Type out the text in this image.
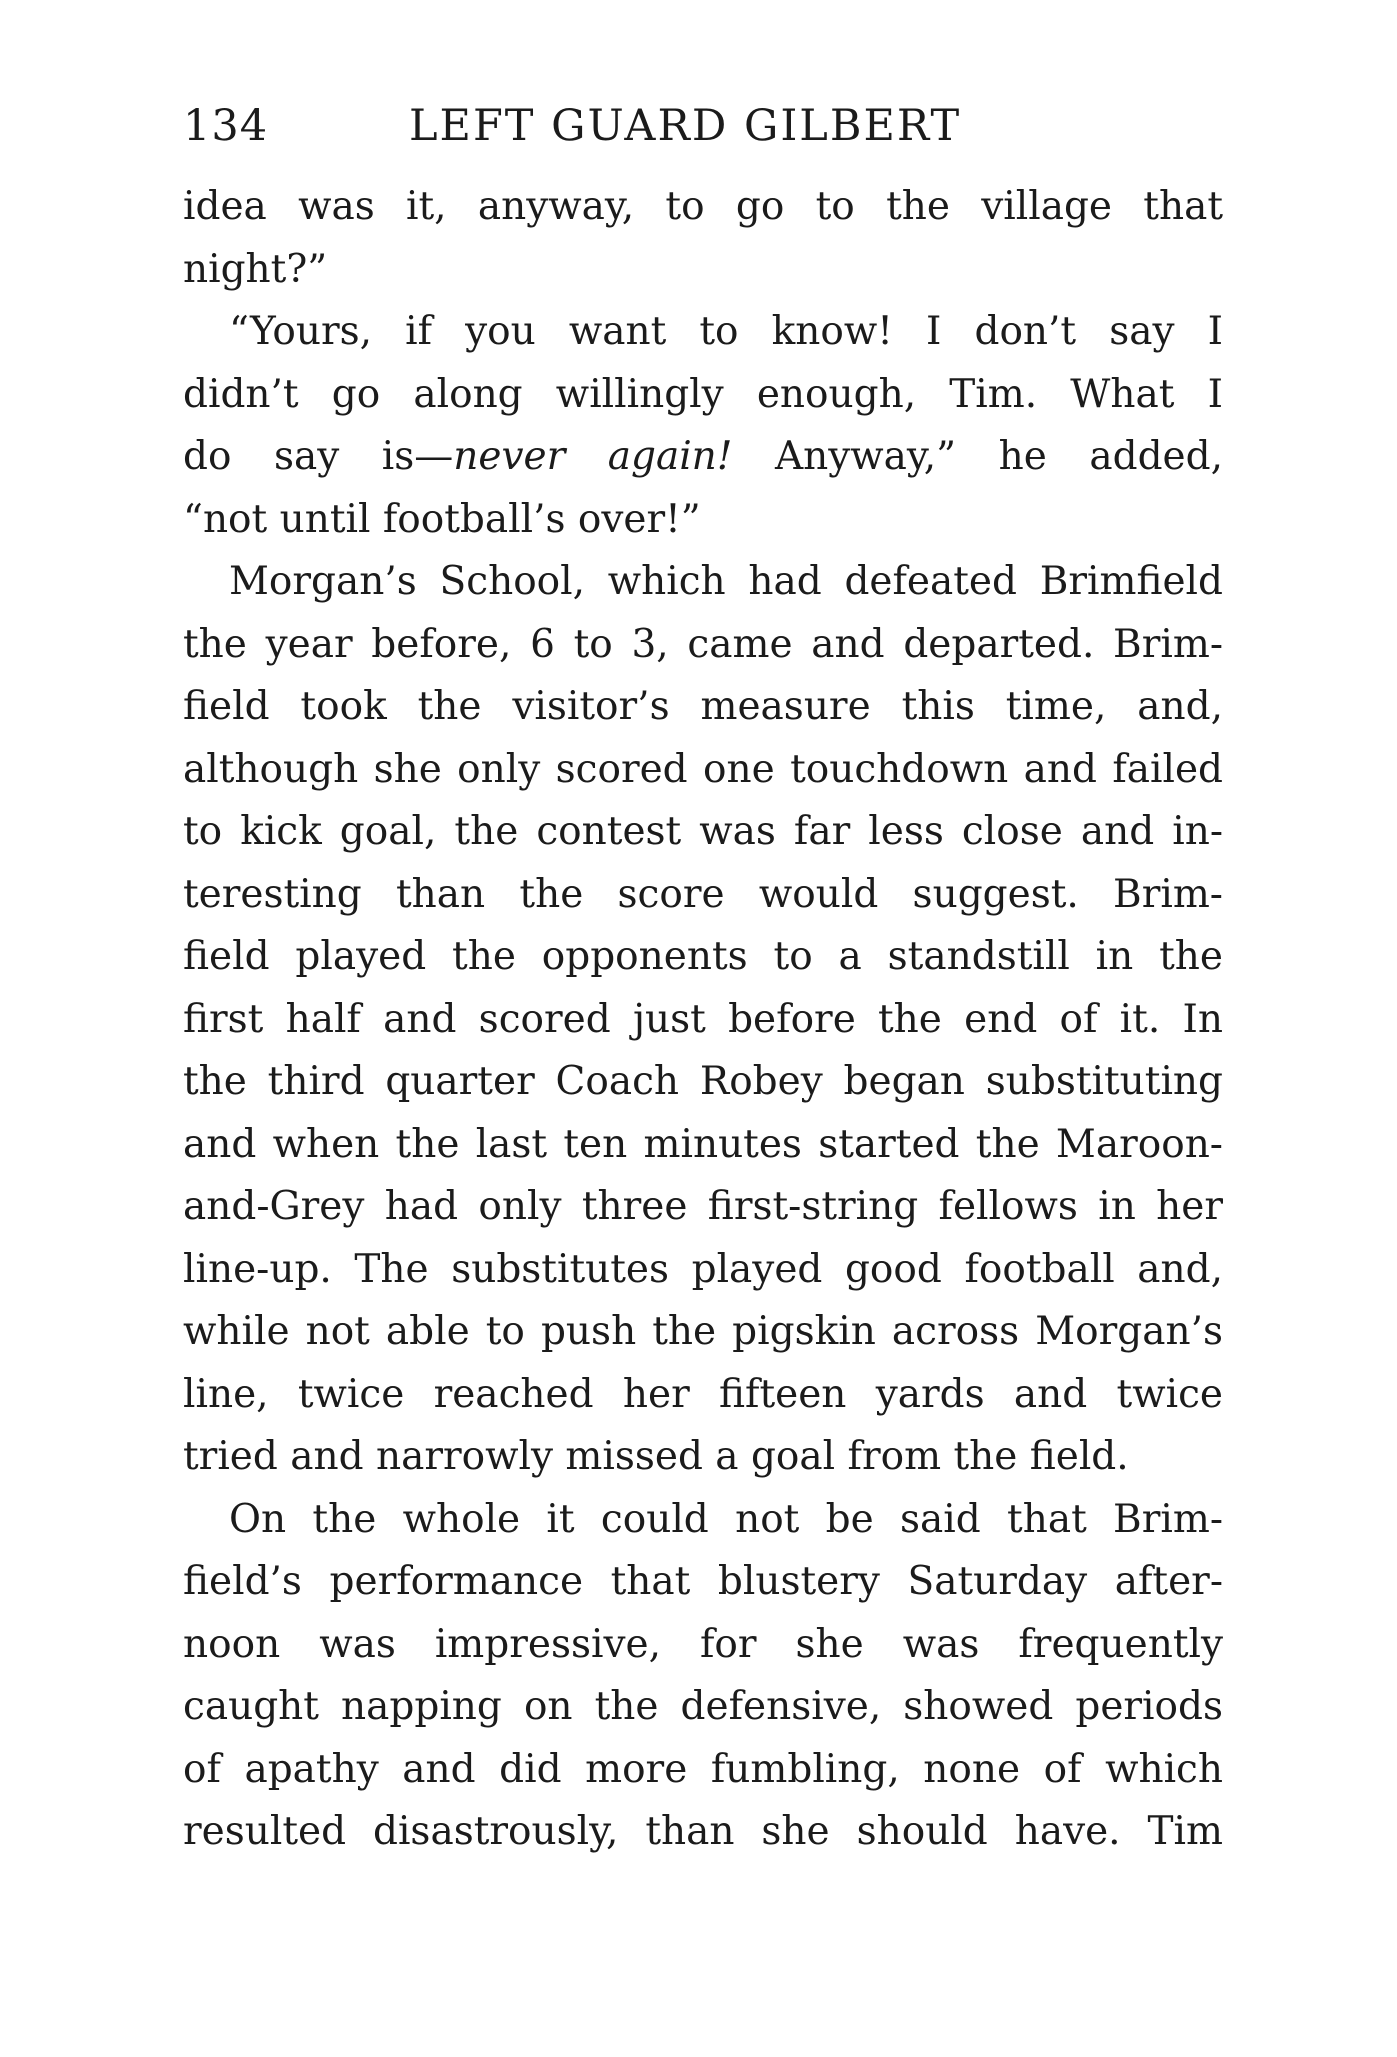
134	LEFT GUARD GILBERT
idea was it, anyway, to go to the village that
night?”
“Yours, if you want to know! I don’t say I
didn’t go along willingly enough, Tim. What I
do say is—never again! Anyway,” he added,
“not until football’s over!”
Morgan’s School, which had defeated Brimfield
the year before, 6 to 3, came and departed. Brim-
field took the visitor’s measure this time, and,
although she only scored one touchdown and failed
to kick goal, the contest was far less close and in-
teresting than the score would suggest. Brim-
field played the opponents to a standstill in the
first half and scored just before the end of it. In
the third quarter Coach Robey began substituting
and when the last ten minutes started the Maroon-
and-Grey had only three first-string fellows in her
line-up. The substitutes played good football and,
while not able to push the pigskin across Morgan’s
line, twice reached her fifteen yards and twice
tried and narrowly missed a goal from the field.
On the whole it could not be said that Brim-
field’s performance that blustery Saturday after-
noon was impressive, for she was frequently
caught napping on the defensive, showed periods
of apathy and did more fumbling, none of which
resulted disastrously, than she should have. Tim
